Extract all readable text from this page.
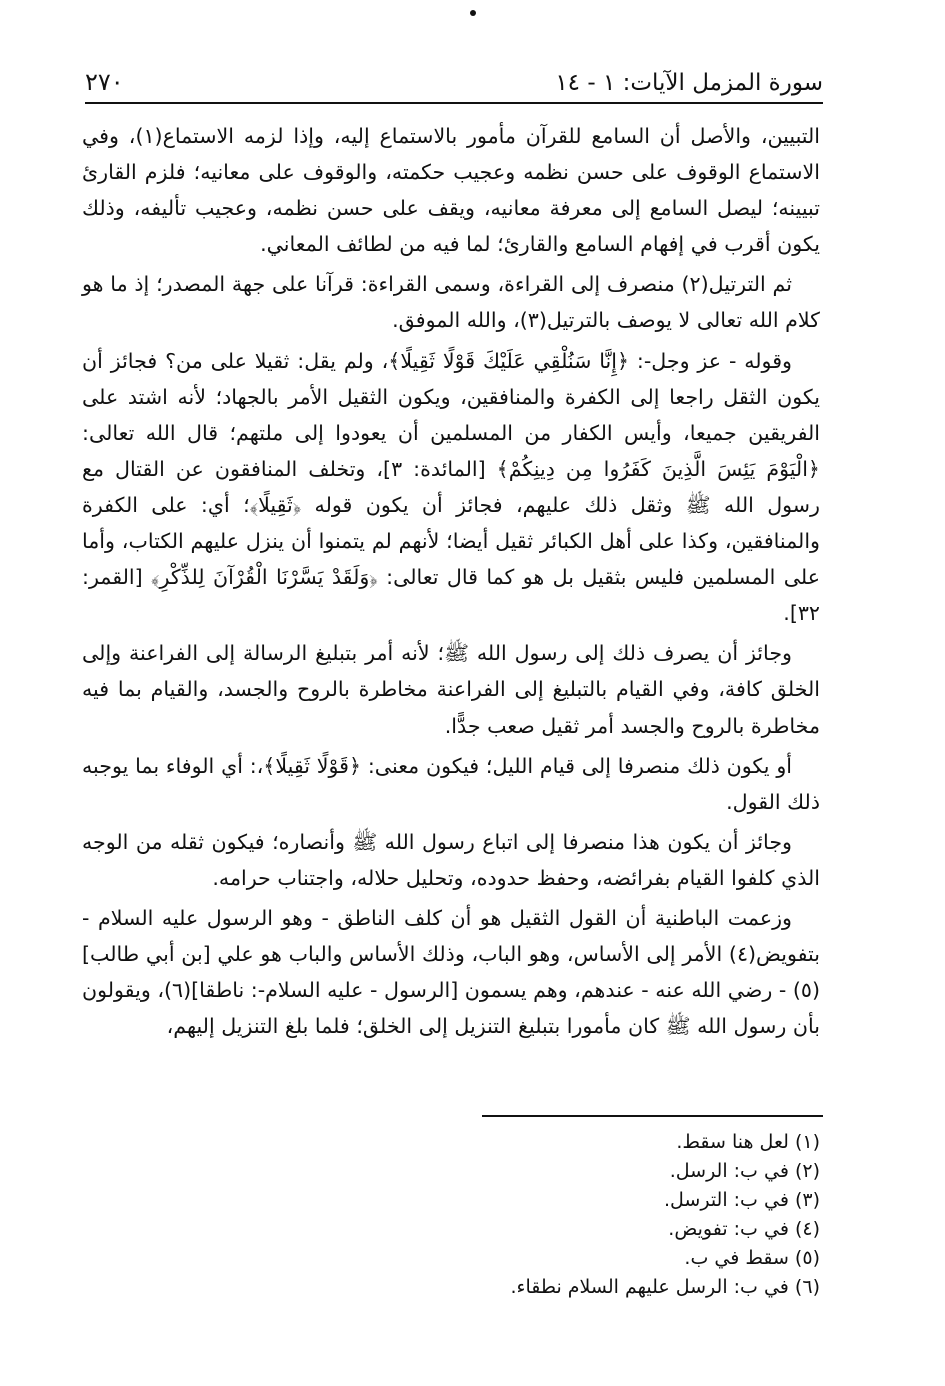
٢٧٠	سورة المزمل الآيات: ١ - ١٤

التبيين، والأصل أن السامع للقرآن مأمور بالاستماع إليه، وإذا لزمه الاستماع(١)، وفي الاستماع الوقوف على حسن نظمه وعجيب حكمته، والوقوف على معانيه؛ فلزم القارئ تبيينه؛ ليصل السامع إلى معرفة معانيه، ويقف على حسن نظمه، وعجيب تأليفه، وذلك يكون أقرب في إفهام السامع والقارئ؛ لما فيه من لطائف المعاني.

ثم الترتيل(٢) منصرف إلى القراءة، وسمى القراءة: قرآنا على جهة المصدر؛ إذ ما هو كلام الله تعالى لا يوصف بالترتيل(٣)، والله الموفق.

وقوله - عز وجل-: ﴿إِنَّا سَنُلْقِي عَلَيْكَ قَوْلًا ثَقِيلًا﴾، ولم يقل: ثقيلا على من؟ فجائز أن يكون الثقل راجعا إلى الكفرة والمنافقين، ويكون الثقيل الأمر بالجهاد؛ لأنه اشتد على الفريقين جميعا، وأيس الكفار من المسلمين أن يعودوا إلى ملتهم؛ قال الله تعالى: ﴿الْيَوْمَ يَئِسَ الَّذِينَ كَفَرُوا مِن دِينِكُمْ﴾ [المائدة: ٣]، وتخلف المنافقون عن القتال مع رسول الله ﷺ وثقل ذلك عليهم، فجائز أن يكون قوله ﴿ثَقِيلًا﴾؛ أي: على الكفرة والمنافقين، وكذا على أهل الكبائر ثقيل أيضا؛ لأنهم لم يتمنوا أن ينزل عليهم الكتاب، وأما على المسلمين فليس بثقيل بل هو كما قال تعالى: ﴿وَلَقَدْ يَسَّرْنَا الْقُرْآنَ لِلذِّكْرِ﴾ [القمر: ٣٢].

وجائز أن يصرف ذلك إلى رسول الله ﷺ؛ لأنه أمر بتبليغ الرسالة إلى الفراعنة وإلى الخلق كافة، وفي القيام بالتبليغ إلى الفراعنة مخاطرة بالروح والجسد، والقيام بما فيه مخاطرة بالروح والجسد أمر ثقيل صعب جدًّا.

أو يكون ذلك منصرفا إلى قيام الليل؛ فيكون معنى: ﴿قَوْلًا ثَقِيلًا﴾،: أي الوفاء بما يوجبه ذلك القول.

وجائز أن يكون هذا منصرفا إلى اتباع رسول الله ﷺ وأنصاره؛ فيكون ثقله من الوجه الذي كلفوا القيام بفرائضه، وحفظ حدوده، وتحليل حلاله، واجتناب حرامه.

وزعمت الباطنية أن القول الثقيل هو أن كلف الناطق - وهو الرسول عليه السلام - بتفويض(٤) الأمر إلى الأساس، وهو الباب، وذلك الأساس والباب هو علي [بن أبي طالب](٥) - رضي الله عنه - عندهم، وهم يسمون [الرسول - عليه السلام-: ناطقا](٦)، ويقولون بأن رسول الله ﷺ كان مأمورا بتبليغ التنزيل إلى الخلق؛ فلما بلغ التنزيل إليهم،

(١) لعل هنا سقط.
(٢) في ب: الرسل.
(٣) في ب: الترسل.
(٤) في ب: تفويض.
(٥) سقط في ب.
(٦) في ب: الرسل عليهم السلام نطقاء.
